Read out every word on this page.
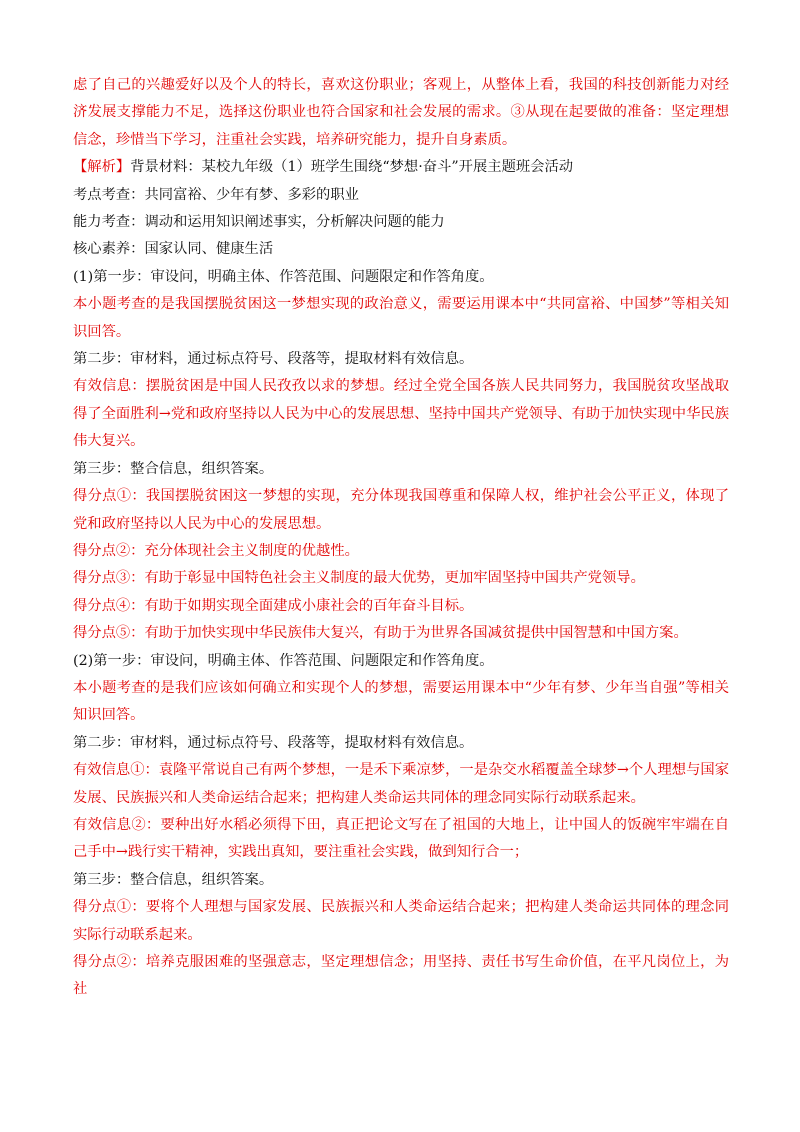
虑了自己的兴趣爱好以及个人的特长，喜欢这份职业；客观上，从整体上看，我国的科技创新能力对经济发展支撑能力不足，选择这份职业也符合国家和社会发展的需求。③从现在起要做的准备：坚定理想信念，珍惜当下学习，注重社会实践，培养研究能力，提升自身素质。

【解析】背景材料：某校九年级（1）班学生围绕“梦想·奋斗”开展主题班会活动

考点考查：共同富裕、少年有梦、多彩的职业

能力考查：调动和运用知识阐述事实，分析解决问题的能力

核心素养：国家认同、健康生活

(1)第一步：审设问，明确主体、作答范围、问题限定和作答角度。

本小题考查的是我国摆脱贫困这一梦想实现的政治意义，需要运用课本中“共同富裕、中国梦”等相关知识回答。

第二步：审材料，通过标点符号、段落等，提取材料有效信息。

有效信息：摆脱贫困是中国人民孜孜以求的梦想。经过全党全国各族人民共同努力，我国脱贫攻坚战取得了全面胜利→党和政府坚持以人民为中心的发展思想、坚持中国共产党领导、有助于加快实现中华民族伟大复兴。

第三步：整合信息，组织答案。

得分点①：我国摆脱贫困这一梦想的实现，充分体现我国尊重和保障人权，维护社会公平正义，体现了党和政府坚持以人民为中心的发展思想。

得分点②：充分体现社会主义制度的优越性。

得分点③：有助于彰显中国特色社会主义制度的最大优势，更加牢固坚持中国共产党领导。

得分点④：有助于如期实现全面建成小康社会的百年奋斗目标。

得分点⑤：有助于加快实现中华民族伟大复兴，有助于为世界各国减贫提供中国智慧和中国方案。

(2)第一步：审设问，明确主体、作答范围、问题限定和作答角度。

本小题考查的是我们应该如何确立和实现个人的梦想，需要运用课本中“少年有梦、少年当自强”等相关知识回答。

第二步：审材料，通过标点符号、段落等，提取材料有效信息。

有效信息①：袁隆平常说自己有两个梦想，一是禾下乘凉梦，一是杂交水稻覆盖全球梦→个人理想与国家发展、民族振兴和人类命运结合起来；把构建人类命运共同体的理念同实际行动联系起来。

有效信息②：要种出好水稻必须得下田，真正把论文写在了祖国的大地上，让中国人的饭碗牢牢端在自己手中→践行实干精神，实践出真知，要注重社会实践，做到知行合一；

第三步：整合信息，组织答案。

得分点①：要将个人理想与国家发展、民族振兴和人类命运结合起来；把构建人类命运共同体的理念同实际行动联系起来。

得分点②：培养克服困难的坚强意志，坚定理想信念；用坚持、责任书写生命价值，在平凡岗位上，为社
